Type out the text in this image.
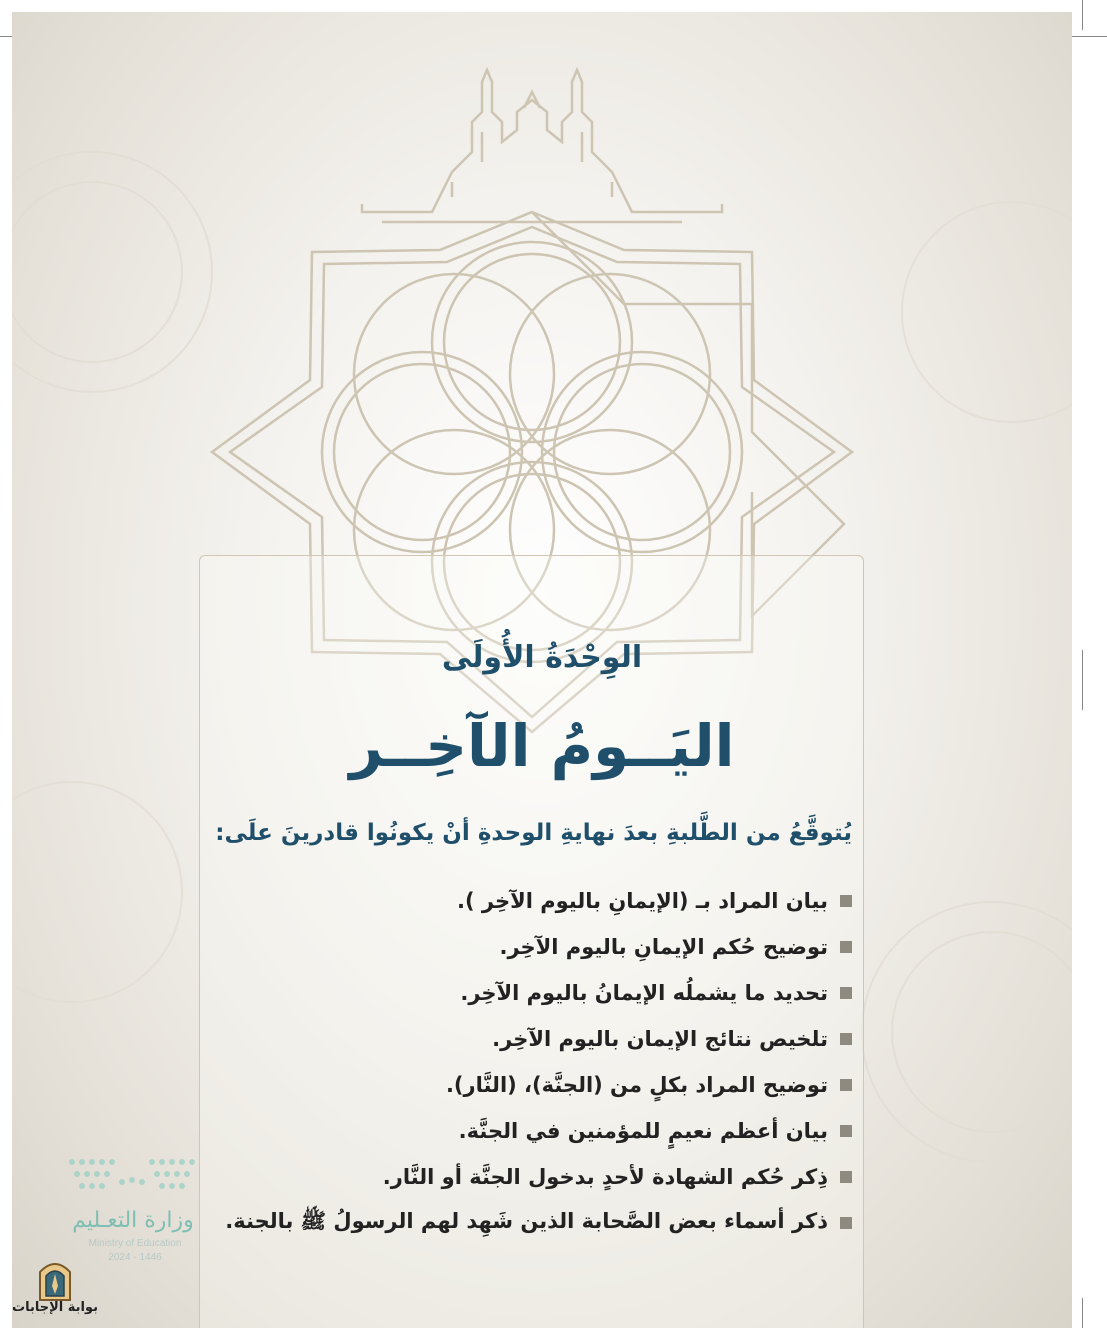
الوِحْدَةُ الأُولَى
اليَــومُ الآخِــر
يُتوقَّعُ من الطَّلبةِ بعدَ نهايةِ الوحدةِ أنْ يكونُوا قادرينَ علَى:
بيان المراد بـ (الإيمانِ باليوم الآخِر ).
توضيح حُكم الإيمانِ باليوم الآخِر.
تحديد ما يشملُه الإيمانُ باليوم الآخِر.
تلخيص نتائج الإيمان باليوم الآخِر.
توضيح المراد بكلٍ من (الجنَّة)، (النَّار).
بيان أعظم نعيمٍ للمؤمنين في الجنَّة.
ذِكر حُكم الشهادة لأحدٍ بدخول الجنَّة أو النَّار.
ذكر أسماء بعض الصَّحابة الذين شَهِد لهم الرسولُ ﷺ بالجنة.
وزارة التعـليم
Ministry of Education
2024 - 1446
بوابة الإجابات
